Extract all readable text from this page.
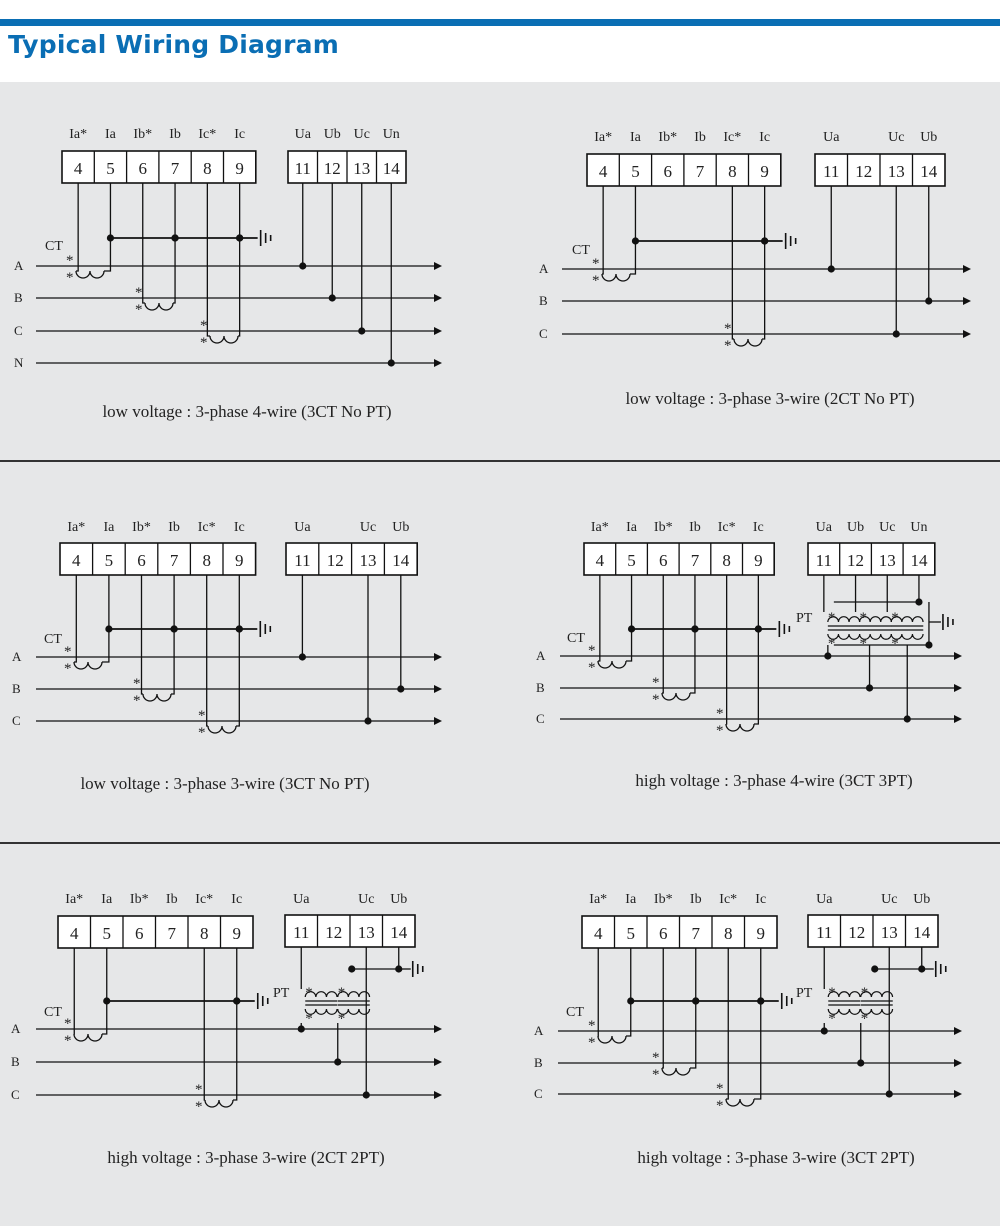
Typical Wiring Diagram
4
Ia*
5
Ia
6
Ib*
7
Ib
8
Ic*
9
Ic
11 12 13 14
Ua Ub Uc Un
A
B
C
N
CT
*
*
*
*
*
*
low voltage : 3-phase 4-wire (3CT No PT)
4
Ia*
5
Ia
6
Ib*
7
Ib
8
Ic*
9
Ic
11 12 13 14
Ua	Uc Ub
A
B
C
CT
*
*
*
*
low voltage : 3-phase 3-wire (2CT No PT)
4
Ia*
5
Ia
6
Ib*
7
Ib
8
Ic*
9
Ic
11 12 13 14
Ua	Uc Ub
A
B
C
CT
*
*
*
*
*
*
low voltage : 3-phase 3-wire (3CT No PT)
4
Ia*
5
Ia
6
Ib*
7
Ib
8
Ic*
9
Ic
11 12 13 14
Ua Ub Uc Un
A
B
C
CT
*
*
*
*
*
*
PT *
*
*
*
*
*
high voltage : 3-phase 4-wire (3CT 3PT)
4
Ia*
5
Ia
6
Ib*
7
Ib
8
Ic*
9
Ic
11 12 13 14
Ua	Uc Ub
A
B
C
CT
*
*
*
*
PT *
*
*
*
high voltage : 3-phase 3-wire (2CT 2PT)
4
Ia*
5
Ia
6
Ib*
7
Ib
8
Ic*
9
Ic
11 12 13 14
Ua	Uc Ub
A
B
C
CT
*
*
*
*
*
*
PT *
*
*
*
high voltage : 3-phase 3-wire (3CT 2PT)
